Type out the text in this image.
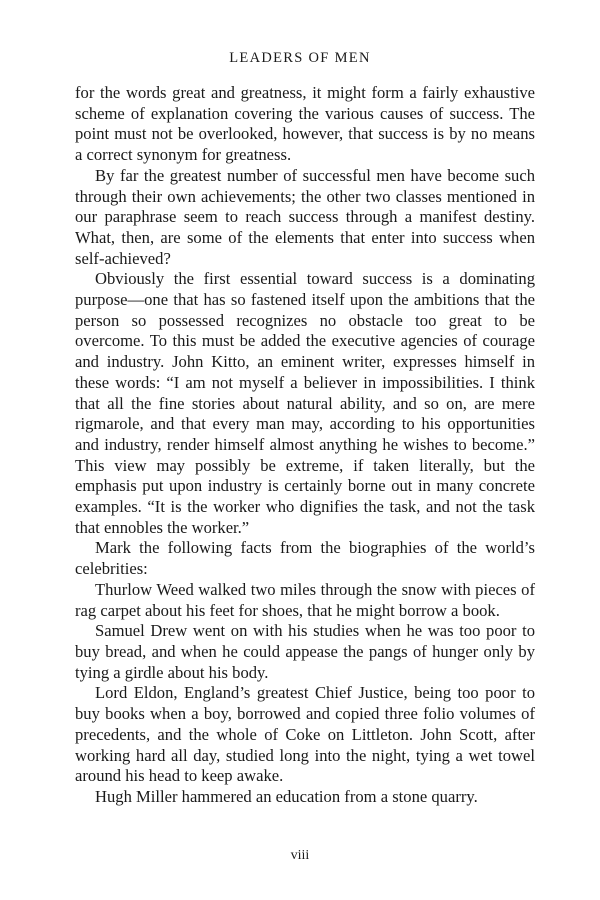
LEADERS OF MEN

for the words great and greatness, it might form a fairly exhaustive scheme of explanation covering the various causes of success. The point must not be overlooked, however, that success is by no means a correct synonym for greatness.

By far the greatest number of successful men have become such through their own achievements; the other two classes mentioned in our paraphrase seem to reach success through a manifest destiny. What, then, are some of the elements that enter into success when self-achieved?

Obviously the first essential toward success is a dominating purpose—one that has so fastened itself upon the ambitions that the person so possessed recognizes no obstacle too great to be overcome. To this must be added the executive agencies of courage and industry. John Kitto, an eminent writer, expresses himself in these words: “I am not myself a believer in impossibilities. I think that all the fine stories about natural ability, and so on, are mere rigmarole, and that every man may, according to his opportunities and industry, render himself almost anything he wishes to become.” This view may possibly be extreme, if taken literally, but the emphasis put upon industry is certainly borne out in many concrete examples. “It is the worker who dignifies the task, and not the task that ennobles the worker.”

Mark the following facts from the biographies of the world’s celebrities:

Thurlow Weed walked two miles through the snow with pieces of rag carpet about his feet for shoes, that he might borrow a book.

Samuel Drew went on with his studies when he was too poor to buy bread, and when he could appease the pangs of hunger only by tying a girdle about his body.

Lord Eldon, England’s greatest Chief Justice, being too poor to buy books when a boy, borrowed and copied three folio volumes of precedents, and the whole of Coke on Littleton. John Scott, after working hard all day, studied long into the night, tying a wet towel around his head to keep awake.

Hugh Miller hammered an education from a stone quarry.

viii
